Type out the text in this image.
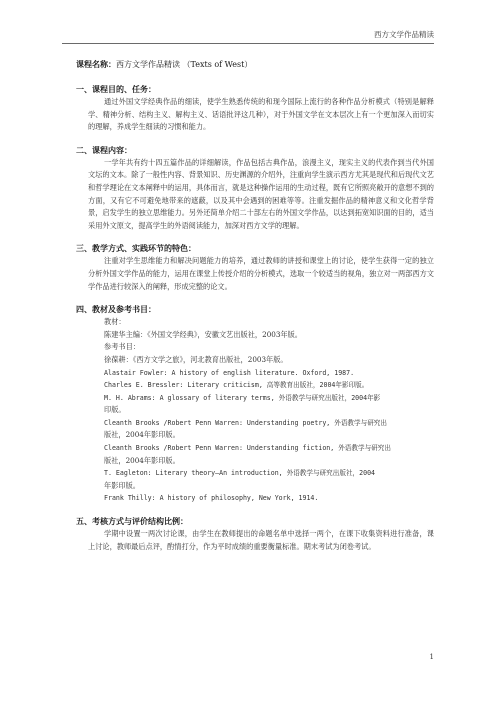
西方文学作品精读
课程名称：西方文学作品精读 （Texts of West）
一、课程目的、任务：
通过外国文学经典作品的细读，使学生熟悉传统的和现今国际上流行的各种作品分析模式（特别是解释学、精神分析、结构主义、解构主义、话语批评这几种），对于外国文学在文本层次上有一个更加深入而切实的理解，养成学生细读的习惯和能力。
二、课程内容：
一学年共有约十四五篇作品的详细解读，作品包括古典作品，浪漫主义，现实主义的代表作到当代外国文坛的文本。除了一般性内容、背景知识、历史渊源的介绍外，注重向学生演示西方尤其是现代和后现代文艺和哲学理论在文本阐释中的运用，具体而言，就是这种操作运用的生动过程，既有它所照亮敞开的意想不到的方面，又有它不可避免地带来的遮蔽，以及其中会遇到的困难等等。注重发掘作品的精神意义和文化哲学背景，启发学生的独立思维能力。另外还简单介绍二十部左右的外国文学作品，以达到拓宽知识面的目的，适当采用外文原文，提高学生的外语阅读能力，加深对西方文学的理解。
三、教学方式、实践环节的特色：
注重对学生思维能力和解决问题能力的培养，通过教师的讲授和课堂上的讨论，使学生获得一定的独立分析外国文学作品的能力，运用在课堂上传授介绍的分析模式，选取一个较适当的视角，独立对一两部西方文学作品进行较深入的阐释，形成完整的论文。
四、教材及参考书目：
教材：
陈建华主编：《外国文学经典》，安徽文艺出版社，2003年版。
参考书目：
徐葆耕：《西方文学之旅》，河北教育出版社，2003年版。
Alastair Fowler: A history of english literature. Oxford, 1987.
Charles E. Bressler: Literary criticism, 高等教育出版社，2004年影印版。
M. H. Abrams: A glossary of literary terms, 外语教学与研究出版社，2004年影
印版。
Cleanth Brooks /Robert Penn Warren: Understanding poetry, 外语教学与研究出
版社，2004年影印版。
Cleanth Brooks /Robert Penn Warren: Understanding fiction, 外语教学与研究出
版社，2004年影印版。
T. Eagleton: Literary theory—An introduction, 外语教学与研究出版社，2004
年影印版。
Frank Thilly: A history of philosophy, New York, 1914.
五、考核方式与评价结构比例：
学期中设置一两次讨论课，由学生在教师提出的命题名单中选择一两个，在课下收集资料进行准备，课上讨论，教师最后点评，酌情打分，作为平时成绩的重要衡量标准。期末考试为闭卷考试。
1
